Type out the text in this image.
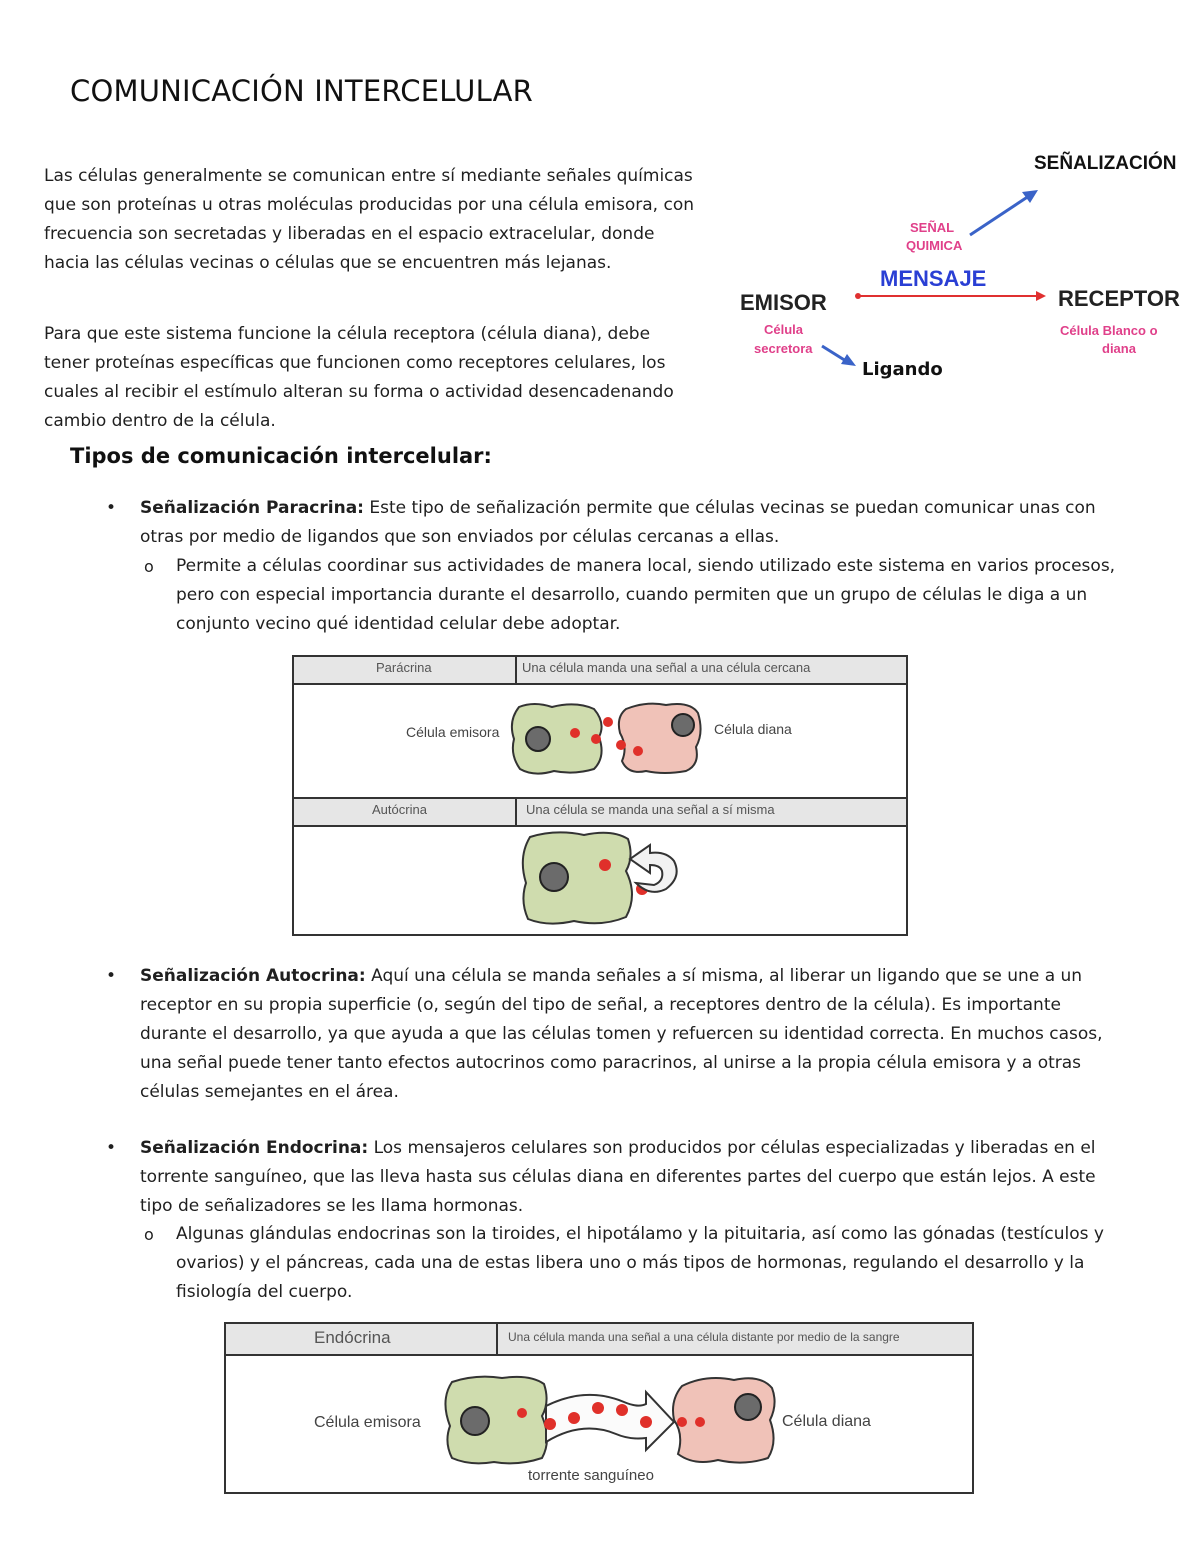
COMUNICACIÓN INTERCELULAR

Las células generalmente se comunican entre sí mediante señales químicas que son proteínas u otras moléculas producidas por una célula emisora, con frecuencia son secretadas y liberadas en el espacio extracelular, donde hacia las células vecinas o células que se encuentren más lejanas.

Para que este sistema funcione la célula receptora (célula diana), debe tener proteínas específicas que funcionen como receptores celulares, los cuales al recibir el estímulo alteran su forma o actividad desencadenando cambio dentro de la célula.

SEÑALIZACIÓN
SEÑAL
QUIMICA
MENSAJE
EMISOR
Célula
secretora
RECEPTOR
Célula Blanco o
diana
Ligando
Tipos de comunicación intercelular:
• Señalización Paracrina: Este tipo de señalización permite que células vecinas se puedan comunicar unas con otras por medio de ligandos que son enviados por células cercanas a ellas.
o Permite a células coordinar sus actividades de manera local, siendo utilizado este sistema en varios procesos, pero con especial importancia durante el desarrollo, cuando permiten que un grupo de células le diga a un conjunto vecino qué identidad celular debe adoptar.
Parácrina	Una célula manda una señal a una célula cercana
Autócrina	Una célula se manda una señal a sí misma
Célula emisora	Célula diana
• Señalización Autocrina: Aquí una célula se manda señales a sí misma, al liberar un ligando que se une a un receptor en su propia superficie (o, según del tipo de señal, a receptores dentro de la célula). Es importante durante el desarrollo, ya que ayuda a que las células tomen y refuercen su identidad correcta. En muchos casos, una señal puede tener tanto efectos autocrinos como paracrinos, al unirse a la propia célula emisora y a otras células semejantes en el área.
• Señalización Endocrina: Los mensajeros celulares son producidos por células especializadas y liberadas en el torrente sanguíneo, que las lleva hasta sus células diana en diferentes partes del cuerpo que están lejos. A este tipo de señalizadores se les llama hormonas.
o Algunas glándulas endocrinas son la tiroides, el hipotálamo y la pituitaria, así como las gónadas (testículos y ovarios) y el páncreas, cada una de estas libera uno o más tipos de hormonas, regulando el desarrollo y la fisiología del cuerpo.
Endócrina	Una célula manda una señal a una célula distante por medio de la sangre
Célula emisora	Célula diana
torrente sanguíneo
